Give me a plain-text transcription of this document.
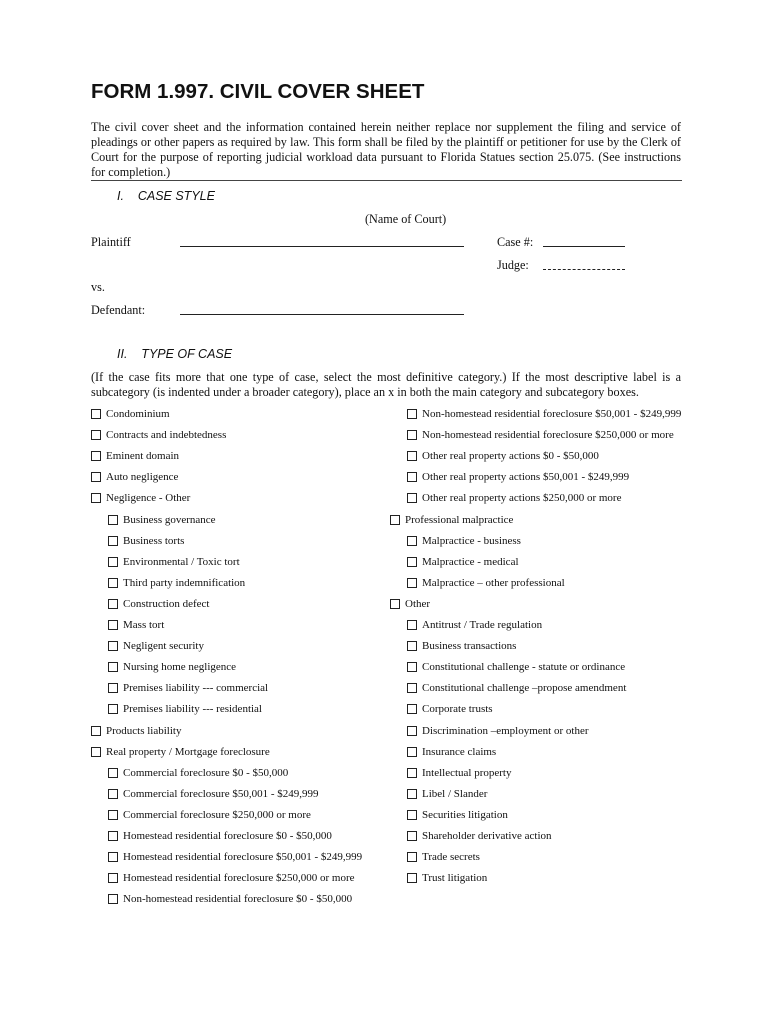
FORM 1.997. CIVIL COVER SHEET
The civil cover sheet and the information contained herein neither replace nor supplement the filing and service of pleadings or other papers as required by law. This form shall be filed by the plaintiff or petitioner for use by the Clerk of Court for the purpose of reporting judicial workload data pursuant to Florida Statues section 25.075. (See instructions for completion.)
I.    CASE STYLE
(Name of Court)
Plaintiff	Case #:
Judge:
vs.
Defendant:
II.    TYPE OF CASE
(If the case fits more that one type of case, select the most definitive category.) If the most descriptive label is a subcategory (is indented under a broader category), place an x in both the main category and subcategory boxes.
Condominium
Contracts and indebtedness
Eminent domain
Auto negligence
Negligence - Other
Business governance
Business torts
Environmental / Toxic tort
Third party indemnification
Construction defect
Mass tort
Negligent security
Nursing home negligence
Premises liability --- commercial
Premises liability --- residential
Products liability
Real property / Mortgage foreclosure
Commercial foreclosure $0 - $50,000
Commercial foreclosure $50,001 - $249,999
Commercial foreclosure $250,000 or more
Homestead residential foreclosure $0 - $50,000
Homestead residential foreclosure $50,001 - $249,999
Homestead residential foreclosure $250,000 or more
Non-homestead residential foreclosure $0 - $50,000
Non-homestead residential foreclosure $50,001 - $249,999
Non-homestead residential foreclosure $250,000 or more
Other real property actions $0 - $50,000
Other real property actions $50,001 - $249,999
Other real property actions $250,000 or more
Professional malpractice
Malpractice - business
Malpractice - medical
Malpractice – other professional
Other
Antitrust / Trade regulation
Business transactions
Constitutional challenge - statute or ordinance
Constitutional challenge –propose amendment
Corporate trusts
Discrimination –employment or other
Insurance claims
Intellectual property
Libel / Slander
Securities litigation
Shareholder derivative action
Trade secrets
Trust litigation
